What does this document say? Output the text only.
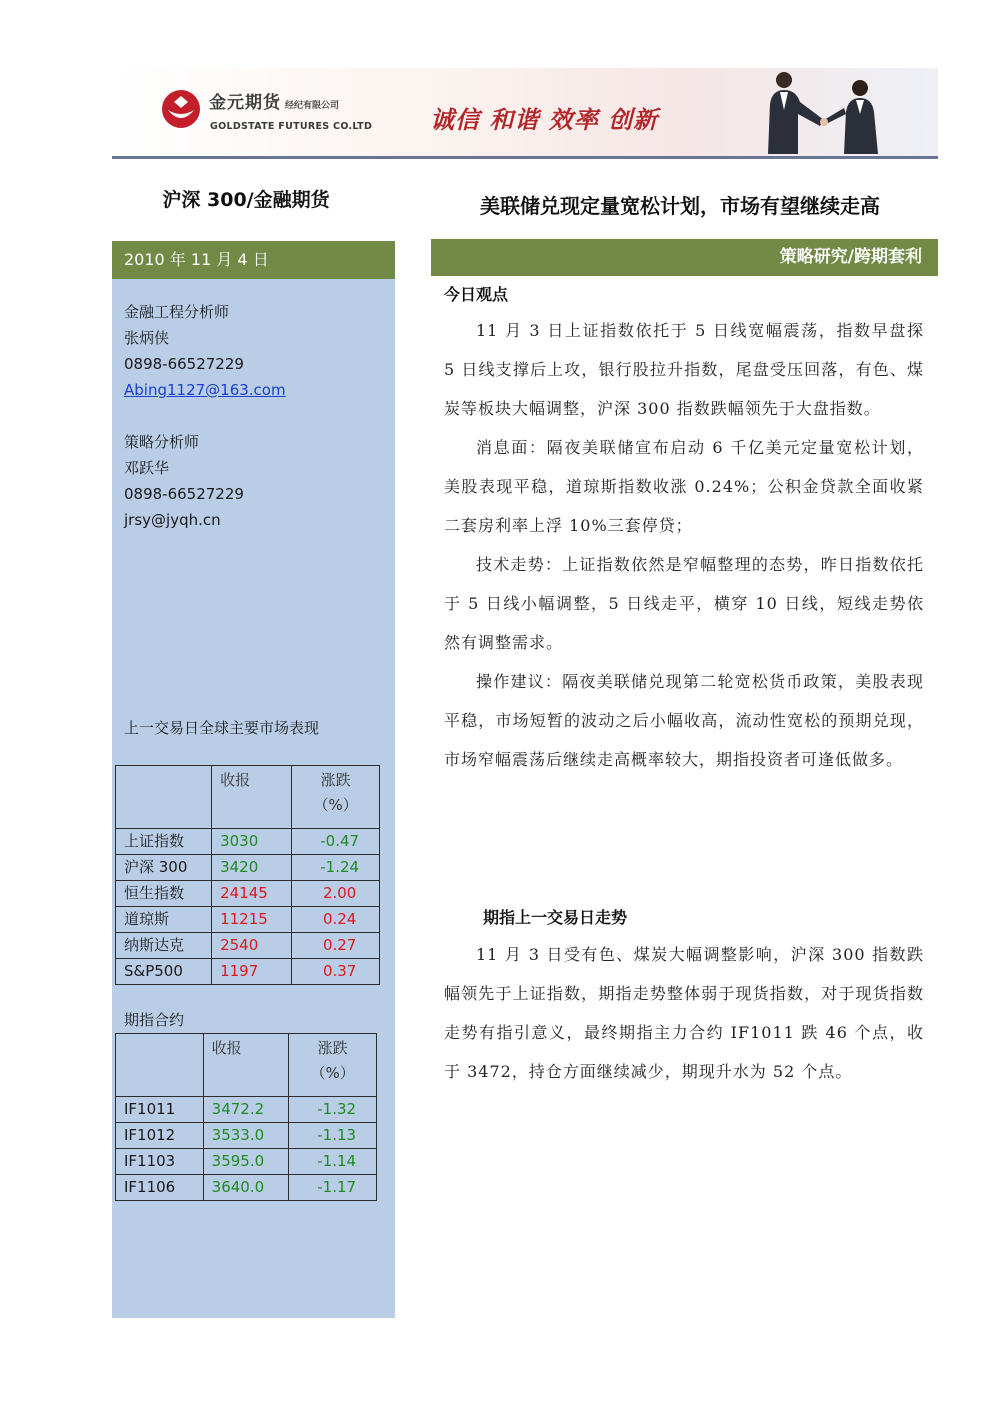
金元期货 经纪有限公司
GOLDSTATE FUTURES CO.LTD 诚信 和谐 效率 创新
沪深 300/金融期货	美联储兑现定量宽松计划，市场有望继续走高
2010 年 11 月 4 日
金融工程分析师
张炳侠
0898-66527229
Abing1127@163.com
策略分析师
邓跃华
0898-66527229
jrsy@jyqh.cn
上一交易日全球主要市场表现
	收报	涨跌
（%）
上证指数	3030	-0.47
沪深 300	3420	-1.24
恒生指数	24145	2.00
道琼斯	11215	0.24
纳斯达克	2540	0.27
S&P500	1197	0.37
期指合约
	收报	涨跌
（%）
IF1011	3472.2	-1.32
IF1012	3533.0	-1.13
IF1103	3595.0	-1.14
IF1106	3640.0	-1.17
策略研究/跨期套利
今日观点

11 月 3 日上证指数依托于 5 日线宽幅震荡，指数早盘探 5 日线支撑后上攻，银行股拉升指数，尾盘受压回落，有色、煤炭等板块大幅调整，沪深 300 指数跌幅领先于大盘指数。

消息面：隔夜美联储宣布启动 6 千亿美元定量宽松计划，美股表现平稳，道琼斯指数收涨 0.24%；公积金贷款全面收紧 二套房利率上浮 10%三套停贷；

技术走势：上证指数依然是窄幅整理的态势，昨日指数依托于 5 日线小幅调整，5 日线走平，横穿 10 日线，短线走势依然有调整需求。

操作建议：隔夜美联储兑现第二轮宽松货币政策，美股表现平稳，市场短暂的波动之后小幅收高，流动性宽松的预期兑现，市场窄幅震荡后继续走高概率较大，期指投资者可逢低做多。

期指上一交易日走势

11 月 3 日受有色、煤炭大幅调整影响，沪深 300 指数跌幅领先于上证指数，期指走势整体弱于现货指数，对于现货指数走势有指引意义，最终期指主力合约 IF1011 跌 46 个点，收于 3472，持仓方面继续减少，期现升水为 52 个点。
